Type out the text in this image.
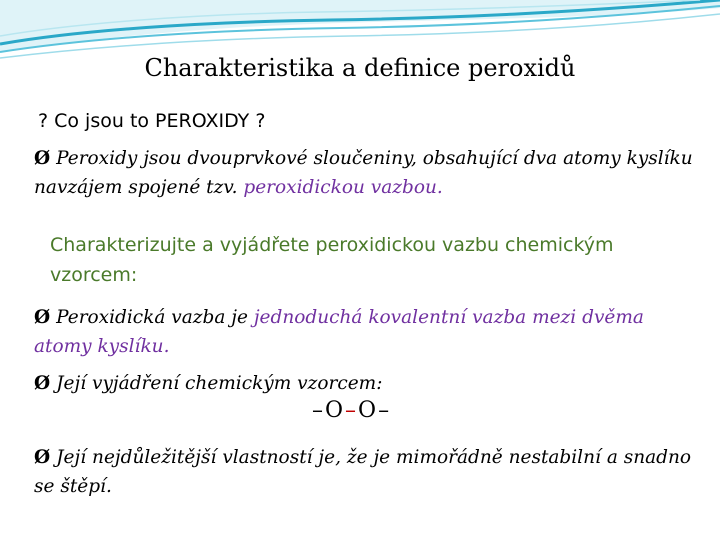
Charakteristika a definice peroxidů
? Co jsou to PEROXIDY ?
Ø Peroxidy jsou dvouprvkové sloučeniny, obsahující dva atomy kyslíku navzájem spojené tzv. peroxidickou vazbou.
Charakterizujte a vyjádřete peroxidickou vazbu chemickým vzorcem:
Ø Peroxidická vazba je jednoduchá kovalentní vazba mezi dvěma atomy kyslíku.
Ø Její vyjádření chemickým vzorcem:
–O–O–
Ø Její nejdůležitější vlastností je, že je mimořádně nestabilní a snadno se štěpí.
